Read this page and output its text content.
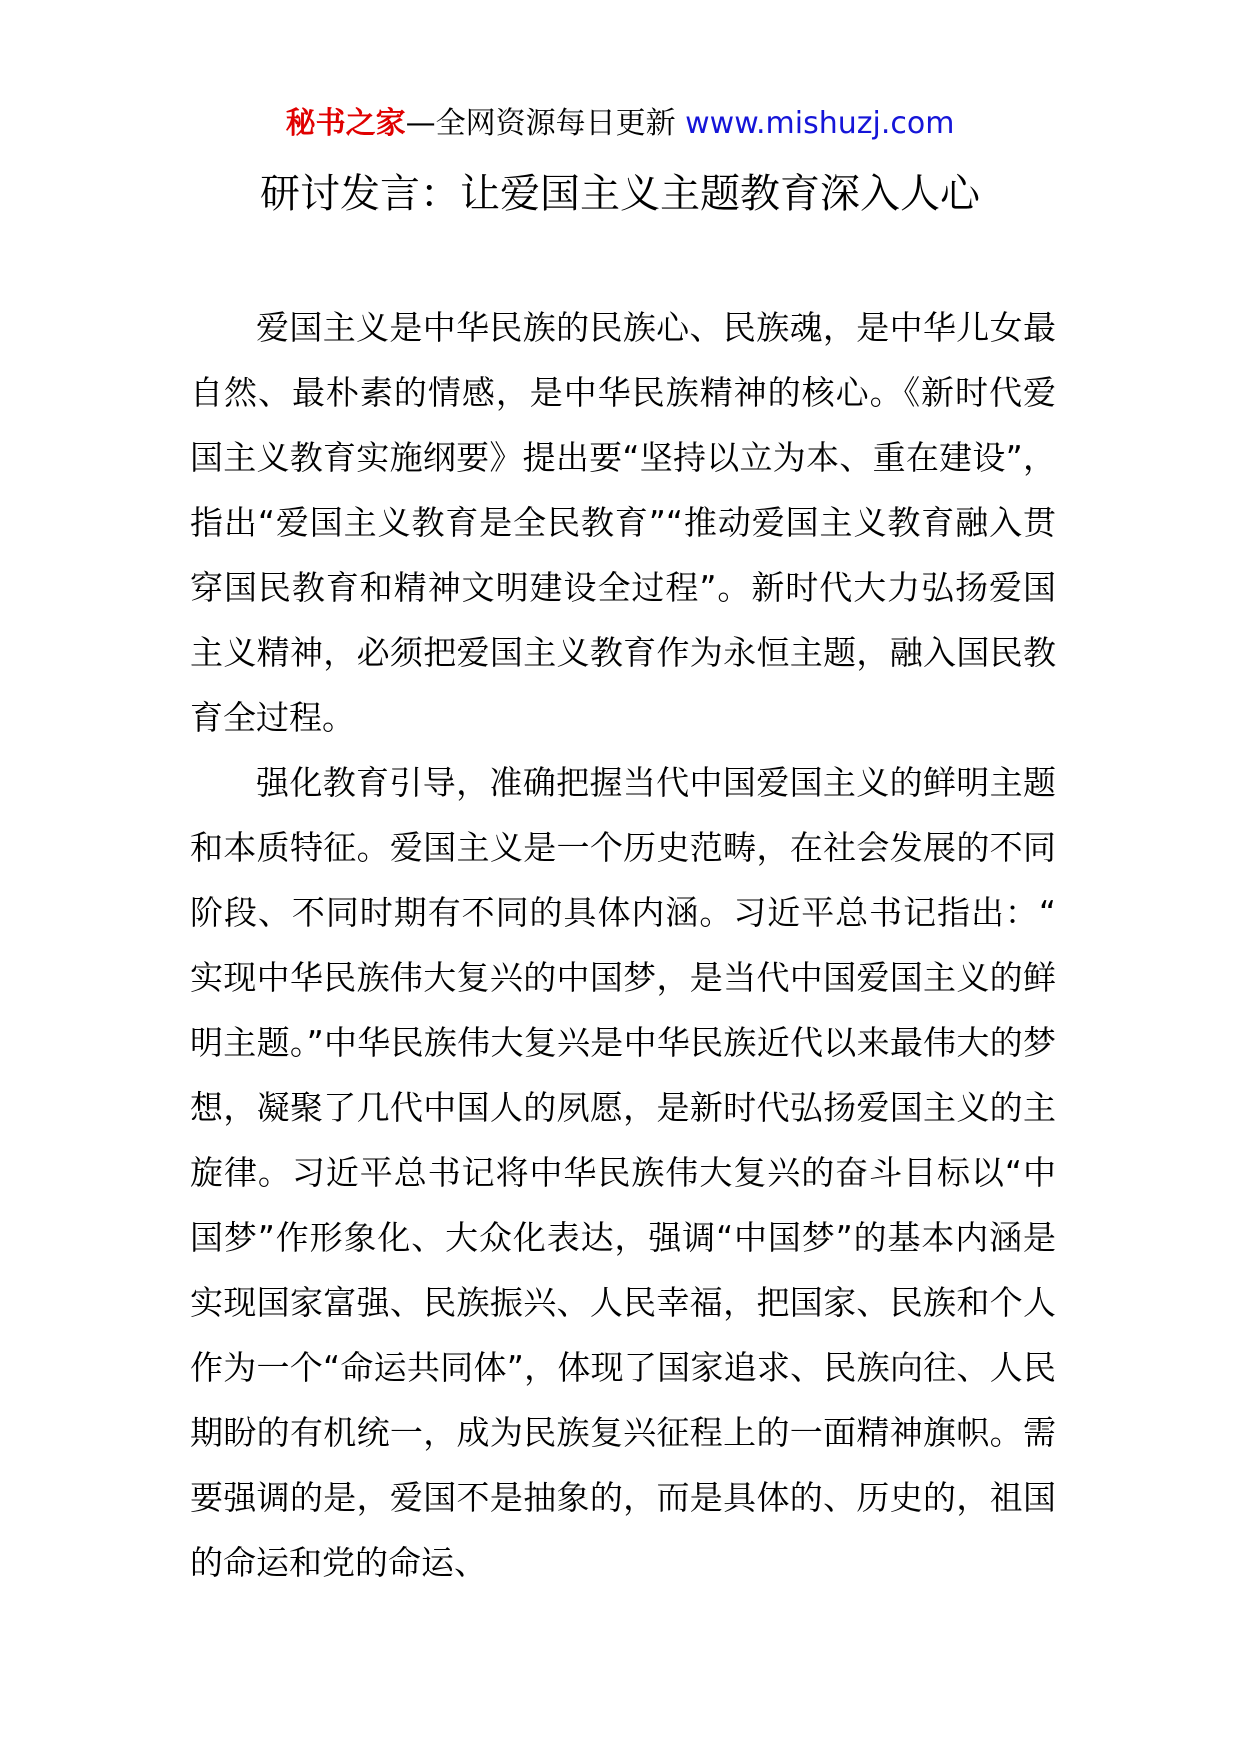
秘书之家—全网资源每日更新 www.mishuzj.com
研讨发言：让爱国主义主题教育深入人心

爱国主义是中华民族的民族心、民族魂，是中华儿女最自然、最朴素的情感，是中华民族精神的核心。《新时代爱国主义教育实施纲要》提出要“坚持以立为本、重在建设”，指出“爱国主义教育是全民教育”“推动爱国主义教育融入贯穿国民教育和精神文明建设全过程”。新时代大力弘扬爱国主义精神，必须把爱国主义教育作为永恒主题，融入国民教育全过程。

强化教育引导，准确把握当代中国爱国主义的鲜明主题和本质特征。爱国主义是一个历史范畴，在社会发展的不同阶段、不同时期有不同的具体内涵。习近平总书记指出：“实现中华民族伟大复兴的中国梦，是当代中国爱国主义的鲜明主题。”中华民族伟大复兴是中华民族近代以来最伟大的梦想，凝聚了几代中国人的夙愿，是新时代弘扬爱国主义的主旋律。习近平总书记将中华民族伟大复兴的奋斗目标以“中国梦”作形象化、大众化表达，强调“中国梦”的基本内涵是实现国家富强、民族振兴、人民幸福，把国家、民族和个人作为一个“命运共同体”，体现了国家追求、民族向往、人民期盼的有机统一，成为民族复兴征程上的一面精神旗帜。需要强调的是，爱国不是抽象的，而是具体的、历史的，祖国的命运和党的命运、
